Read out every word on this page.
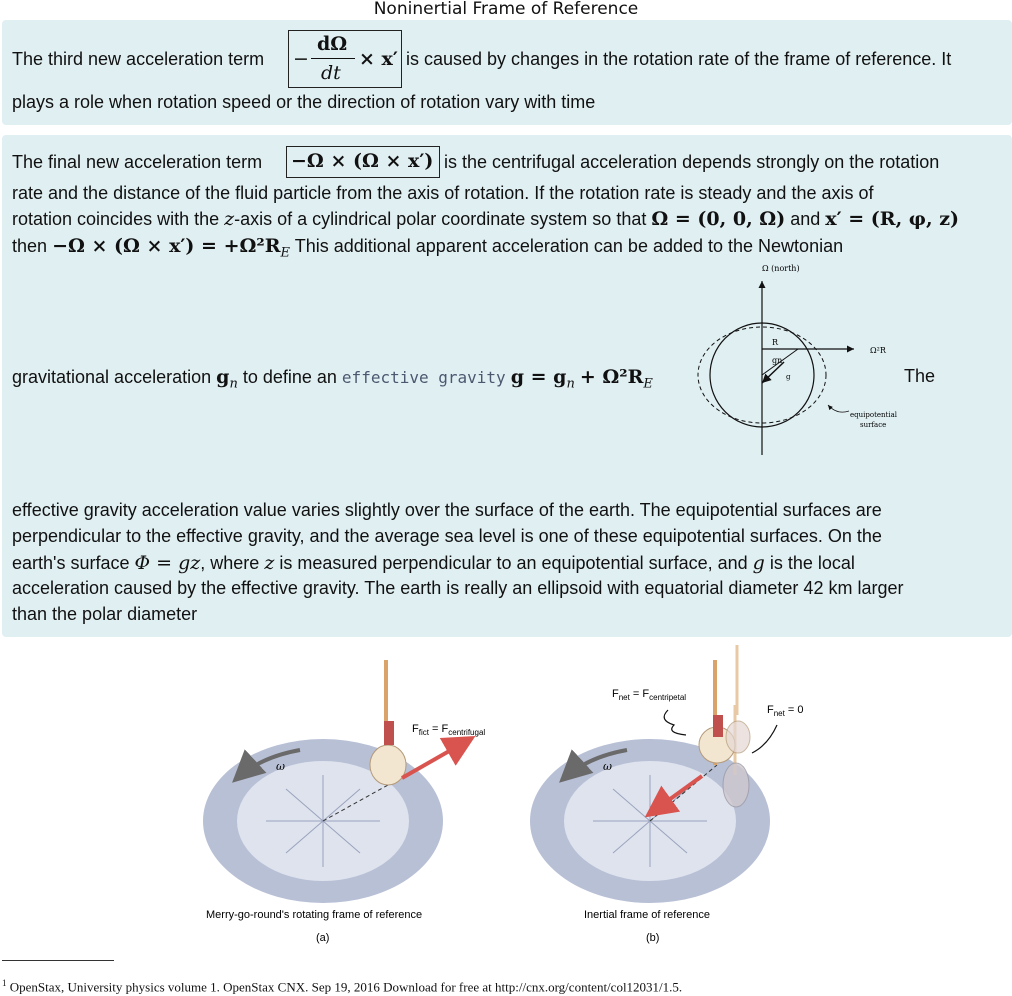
Noninertial Frame of Reference
The third new acceleration term −
dΩ
dt
× x′ is caused by changes in the rotation rate of the frame of reference. It
plays a role when rotation speed or the direction of rotation vary with time
The final new acceleration term −Ω × (Ω × x′) is the centrifugal acceleration depends strongly on the rotation
rate and the distance of the fluid particle from the axis of rotation. If the rotation rate is steady and the axis of
rotation coincides with the z-axis of a cylindrical polar coordinate system so that Ω = (0, 0, Ω) and x′ = (R, φ, z)
then $-\Omega \times (\Omega \times x') = +\Omega^2R_E$ This additional apparent acceleration can be added to the Newtonian
gravitational acceleration $g_n$ to define an effective gravity $g = g_n + \Omega^2R_E$	The
Ω (north)
R
gn
g
Ω²R
equipotential
surface
effective gravity acceleration value varies slightly over the surface of the earth. The equipotential surfaces are
perpendicular to the effective gravity, and the average sea level is one of these equipotential surfaces. On the
earth's surface Φ = gz, where z is measured perpendicular to an equipotential surface, and g is the local
acceleration caused by the effective gravity. The earth is really an ellipsoid with equatorial diameter 42 km larger
than the polar diameter
ω
$F_{fict} = F_{centrifugal}$
Merry-go-round's rotating frame of reference
(a)
ω
$F_{net} = F_{centripetal}$
$F_{net} = 0$
Inertial frame of reference
(b)
$^1$ OpenStax, University physics volume 1. OpenStax CNX. Sep 19, 2016 Download for free at http://cnx.org/content/col12031/1.5.
